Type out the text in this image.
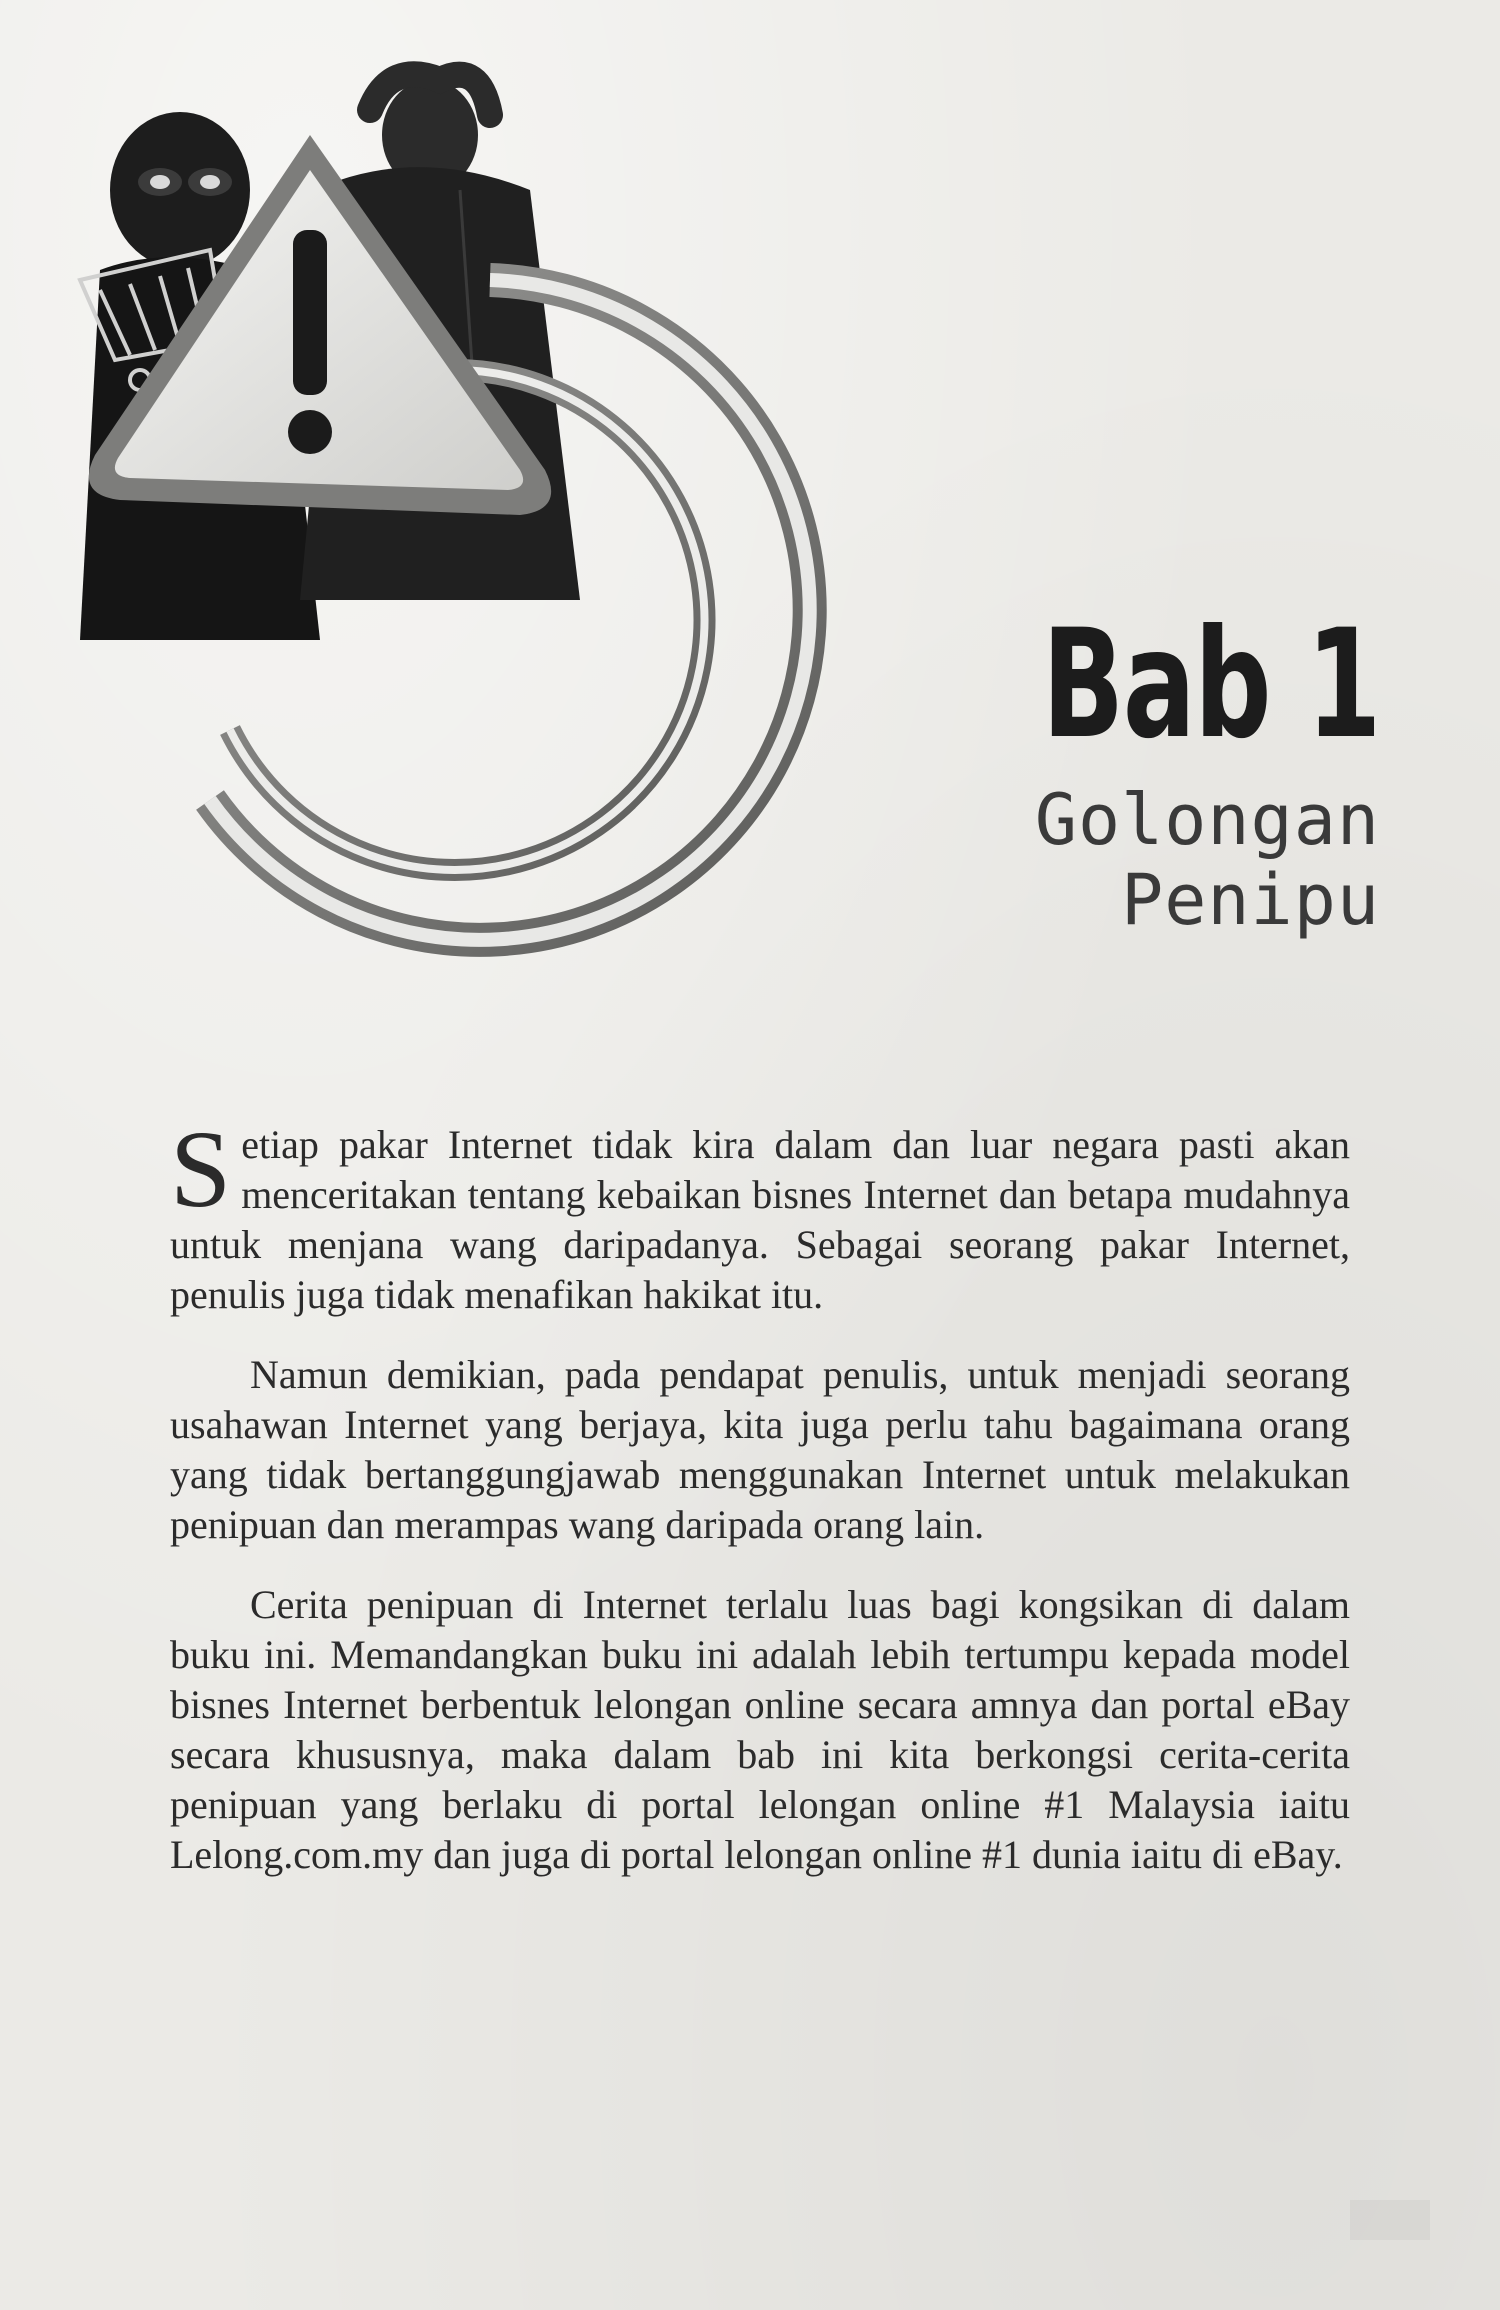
Bab 1
Golongan
Penipu

S etiap pakar Internet tidak kira dalam dan luar negara pasti akan menceritakan tentang kebaikan bisnes Internet dan betapa mudahnya untuk menjana wang daripadanya. Sebagai seorang pakar Internet, penulis juga tidak menafikan hakikat itu.

Namun demikian, pada pendapat penulis, untuk menjadi seorang usahawan Internet yang berjaya, kita juga perlu tahu bagaimana orang yang tidak bertanggungjawab menggunakan Internet untuk melakukan penipuan dan merampas wang daripada orang lain.

Cerita penipuan di Internet terlalu luas bagi kongsikan di dalam buku ini. Memandangkan buku ini adalah lebih tertumpu kepada model bisnes Internet berbentuk lelongan online secara amnya dan portal eBay secara khususnya, maka dalam bab ini kita berkongsi cerita-cerita penipuan yang berlaku di portal lelongan online #1 Malaysia iaitu Lelong.com.my dan juga di portal lelongan online #1 dunia iaitu di eBay.
